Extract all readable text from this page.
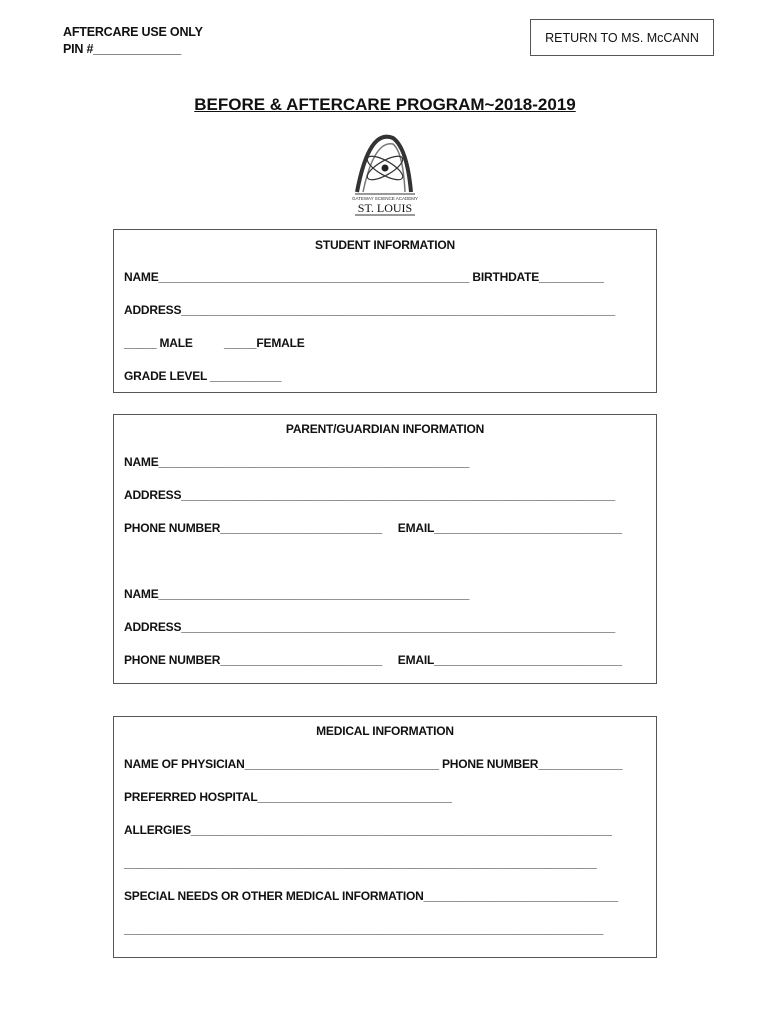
AFTERCARE USE ONLY
PIN #_____________
RETURN TO MS. McCANN
BEFORE & AFTERCARE PROGRAM~2018-2019
GATEWAY SCIENCE ACADEMY
ST. LOUIS
STUDENT INFORMATION
NAME________________________________________________ BIRTHDATE__________
ADDRESS___________________________________________________________________
_____ MALE          _____FEMALE
GRADE LEVEL ___________
PARENT/GUARDIAN INFORMATION
NAME________________________________________________
ADDRESS___________________________________________________________________
PHONE NUMBER_________________________     EMAIL_____________________________
NAME________________________________________________
ADDRESS___________________________________________________________________
PHONE NUMBER_________________________     EMAIL_____________________________
MEDICAL INFORMATION
NAME OF PHYSICIAN______________________________ PHONE NUMBER_____________
PREFERRED HOSPITAL______________________________
ALLERGIES_________________________________________________________________
_________________________________________________________________________
SPECIAL NEEDS OR OTHER MEDICAL INFORMATION______________________________
__________________________________________________________________________
